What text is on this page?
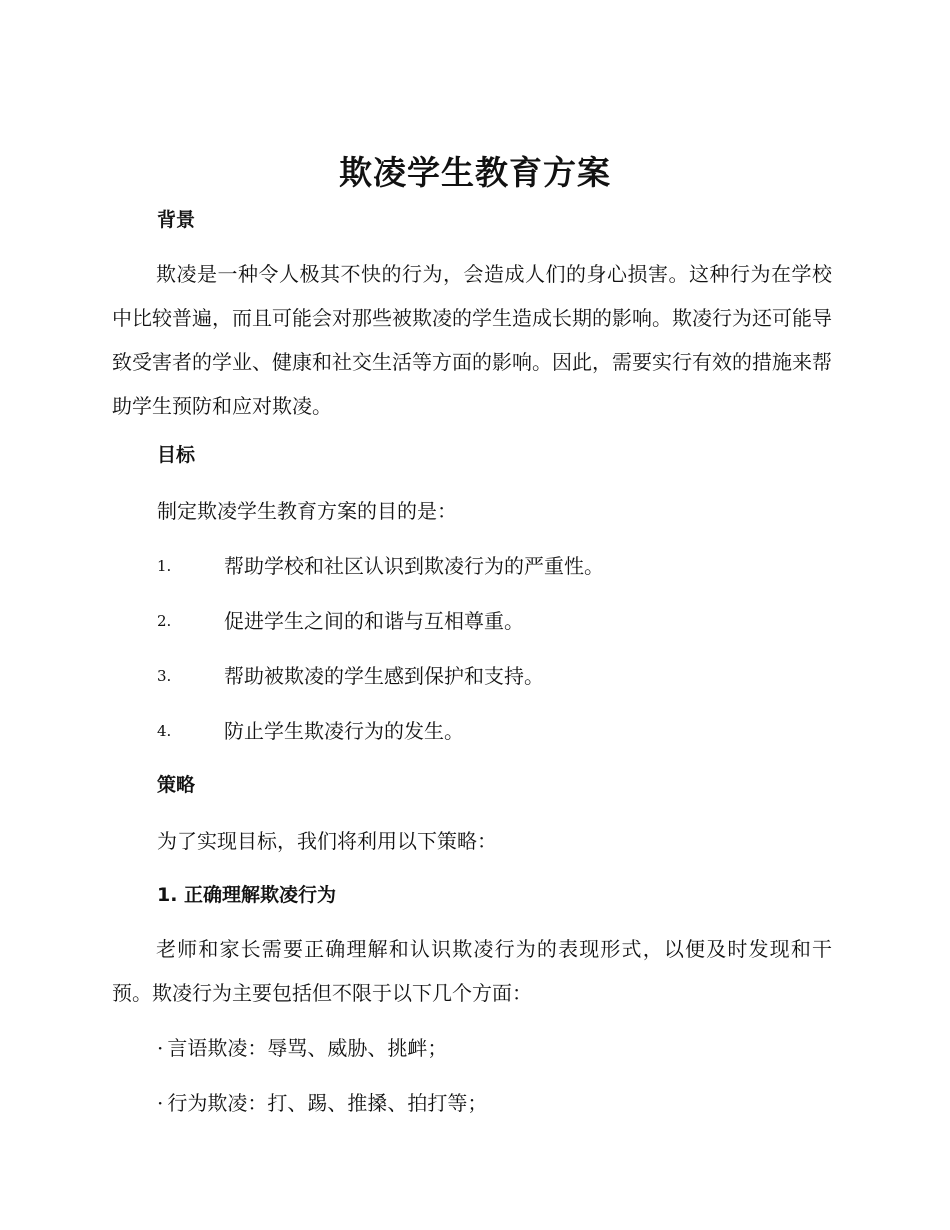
欺凌学生教育方案
背景

欺凌是一种令人极其不快的行为，会造成人们的身心损害。这种行为在学校中比较普遍，而且可能会对那些被欺凌的学生造成长期的影响。欺凌行为还可能导致受害者的学业、健康和社交生活等方面的影响。因此，需要实行有效的措施来帮助学生预防和应对欺凌。

目标
制定欺凌学生教育方案的目的是：
1.	帮助学校和社区认识到欺凌行为的严重性。
2.	促进学生之间的和谐与互相尊重。
3.	帮助被欺凌的学生感到保护和支持。
4.	防止学生欺凌行为的发生。
策略
为了实现目标，我们将利用以下策略：
1. 正确理解欺凌行为

老师和家长需要正确理解和认识欺凌行为的表现形式，以便及时发现和干预。欺凌行为主要包括但不限于以下几个方面：

· 言语欺凌：辱骂、威胁、挑衅；
· 行为欺凌：打、踢、推搡、拍打等；
